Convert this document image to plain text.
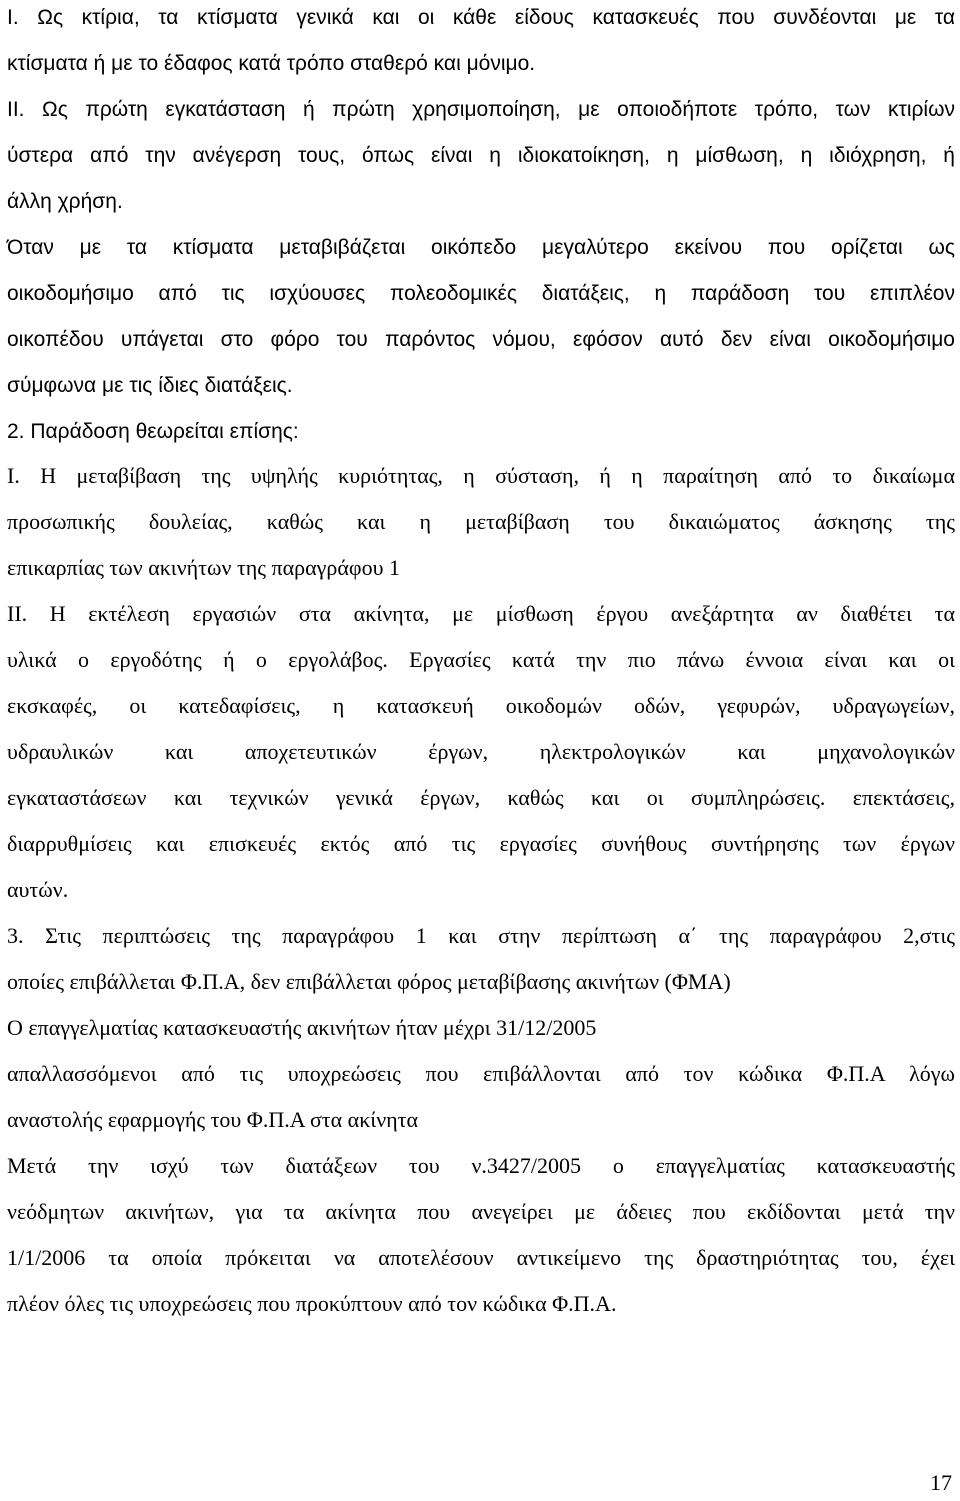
I. Ως κτίρια, τα κτίσματα γενικά και οι κάθε είδους κατασκευές που συνδέονται με τα
κτίσματα ή με το έδαφος κατά τρόπο σταθερό και μόνιμο.
II. Ως πρώτη εγκατάσταση ή πρώτη χρησιμοποίηση, με οποιοδήποτε τρόπο, των κτιρίων
ύστερα από την ανέγερση τους, όπως είναι η ιδιοκατοίκηση, η μίσθωση, η ιδιόχρηση, ή
άλλη χρήση.
Όταν με τα κτίσματα μεταβιβάζεται οικόπεδο μεγαλύτερο εκείνου που ορίζεται ως
οικοδομήσιμο από τις ισχύουσες πολεοδομικές διατάξεις, η παράδοση του επιπλέον
οικοπέδου υπάγεται στο φόρο του παρόντος νόμου, εφόσον αυτό δεν είναι οικοδομήσιμο
σύμφωνα με τις ίδιες διατάξεις.
2. Παράδοση θεωρείται επίσης:
Ι. Η μεταβίβαση της υψηλής κυριότητας, η σύσταση, ή η παραίτηση από το δικαίωμα
προσωπικής δουλείας, καθώς και η μεταβίβαση του δικαιώματος άσκησης της
επικαρπίας των ακινήτων της παραγράφου 1
ΙΙ. Η εκτέλεση εργασιών στα ακίνητα, με μίσθωση έργου ανεξάρτητα αν διαθέτει τα
υλικά ο εργοδότης ή ο εργολάβος. Εργασίες κατά την πιο πάνω έννοια είναι και οι
εκσκαφές, οι κατεδαφίσεις, η κατασκευή οικοδομών οδών, γεφυρών, υδραγωγείων,
υδραυλικών και αποχετευτικών έργων, ηλεκτρολογικών και μηχανολογικών
εγκαταστάσεων και τεχνικών γενικά έργων, καθώς και οι συμπληρώσεις. επεκτάσεις,
διαρρυθμίσεις και επισκευές εκτός από τις εργασίες συνήθους συντήρησης των έργων
αυτών.
3. Στις περιπτώσεις της παραγράφου 1 και στην περίπτωση α΄ της παραγράφου 2,στις
οποίες επιβάλλεται Φ.Π.Α, δεν επιβάλλεται φόρος μεταβίβασης ακινήτων (ΦΜΑ)
Ο επαγγελματίας κατασκευαστής ακινήτων ήταν μέχρι 31/12/2005
απαλλασσόμενοι από τις υποχρεώσεις που επιβάλλονται από τον κώδικα Φ.Π.Α λόγω
αναστολής εφαρμογής του Φ.Π.Α στα ακίνητα
Μετά την ισχύ των διατάξεων του ν.3427/2005 ο επαγγελματίας κατασκευαστής
νεόδμητων ακινήτων, για τα ακίνητα που ανεγείρει με άδειες που εκδίδονται μετά την
1/1/2006 τα οποία πρόκειται να αποτελέσουν αντικείμενο της δραστηριότητας του, έχει
πλέον όλες τις υποχρεώσεις που προκύπτουν από τον κώδικα Φ.Π.Α.
17
